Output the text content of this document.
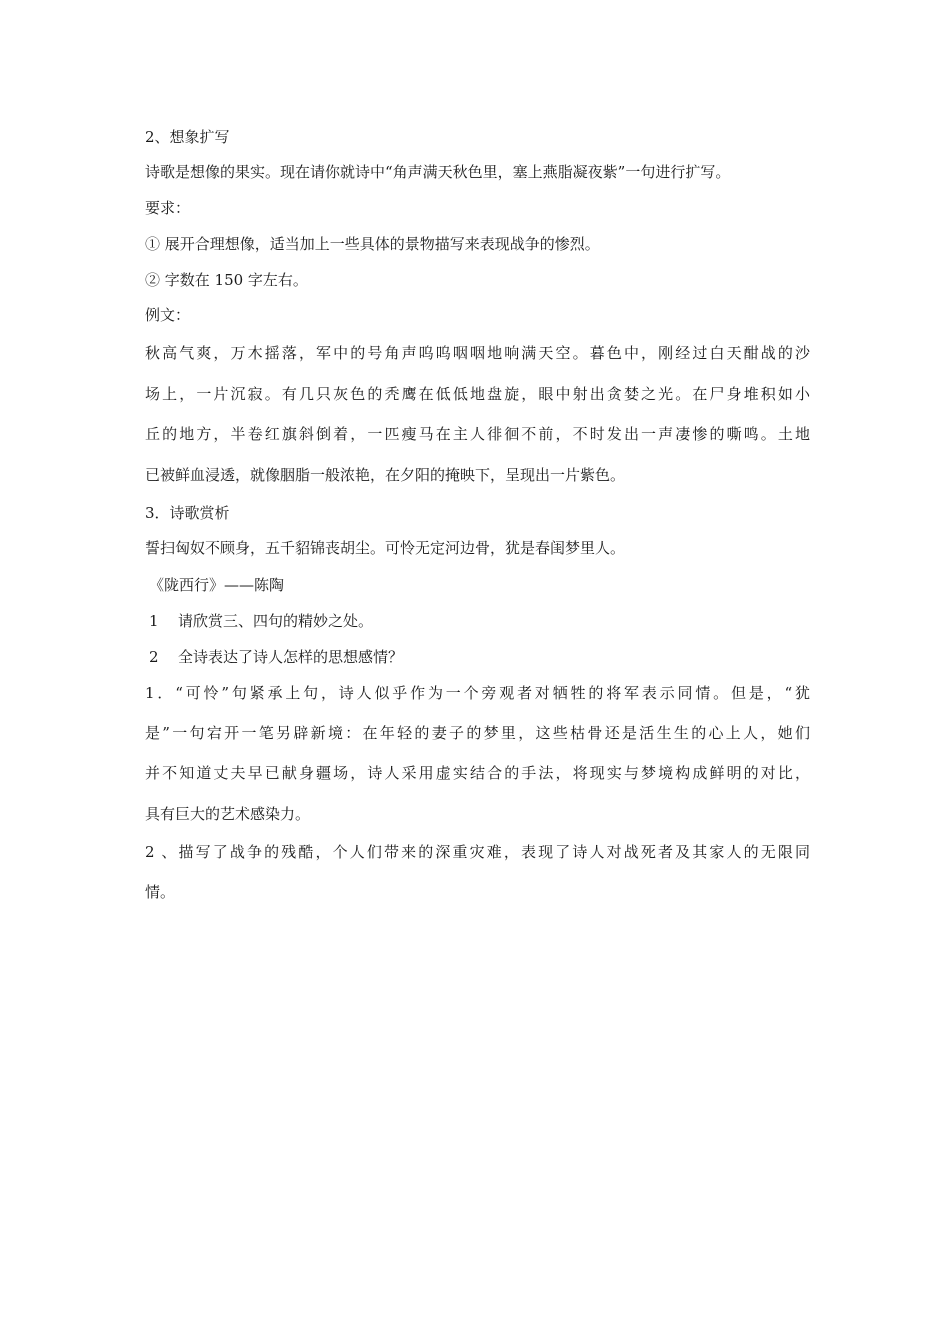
2、想象扩写
诗歌是想像的果实。现在请你就诗中“角声满天秋色里，塞上燕脂凝夜紫”一句进行扩写。
要求：
① 展开合理想像，适当加上一些具体的景物描写来表现战争的惨烈。
② 字数在 150 字左右。
例文：
秋高气爽，万木摇落，军中的号角声呜呜咽咽地响满天空。暮色中，刚经过白天酣战的沙
场上，一片沉寂。有几只灰色的秃鹰在低低地盘旋，眼中射出贪婪之光。在尸身堆积如小
丘的地方，半卷红旗斜倒着，一匹瘦马在主人徘徊不前，不时发出一声凄惨的嘶鸣。土地
已被鲜血浸透，就像胭脂一般浓艳，在夕阳的掩映下，呈现出一片紫色。
3．诗歌赏析
誓扫匈奴不顾身，五千貂锦丧胡尘。可怜无定河边骨，犹是春闺梦里人。
《陇西行》——陈陶
1 请欣赏三、四句的精妙之处。
2 全诗表达了诗人怎样的思想感情？
1．“可怜”句紧承上句，诗人似乎作为一个旁观者对牺牲的将军表示同情。但是，“犹
是”一句宕开一笔另辟新境：在年轻的妻子的梦里，这些枯骨还是活生生的心上人，她们
并不知道丈夫早已献身疆场，诗人采用虚实结合的手法，将现实与梦境构成鲜明的对比，
具有巨大的艺术感染力。
2 、描写了战争的残酷，个人们带来的深重灾难，表现了诗人对战死者及其家人的无限同
情。
